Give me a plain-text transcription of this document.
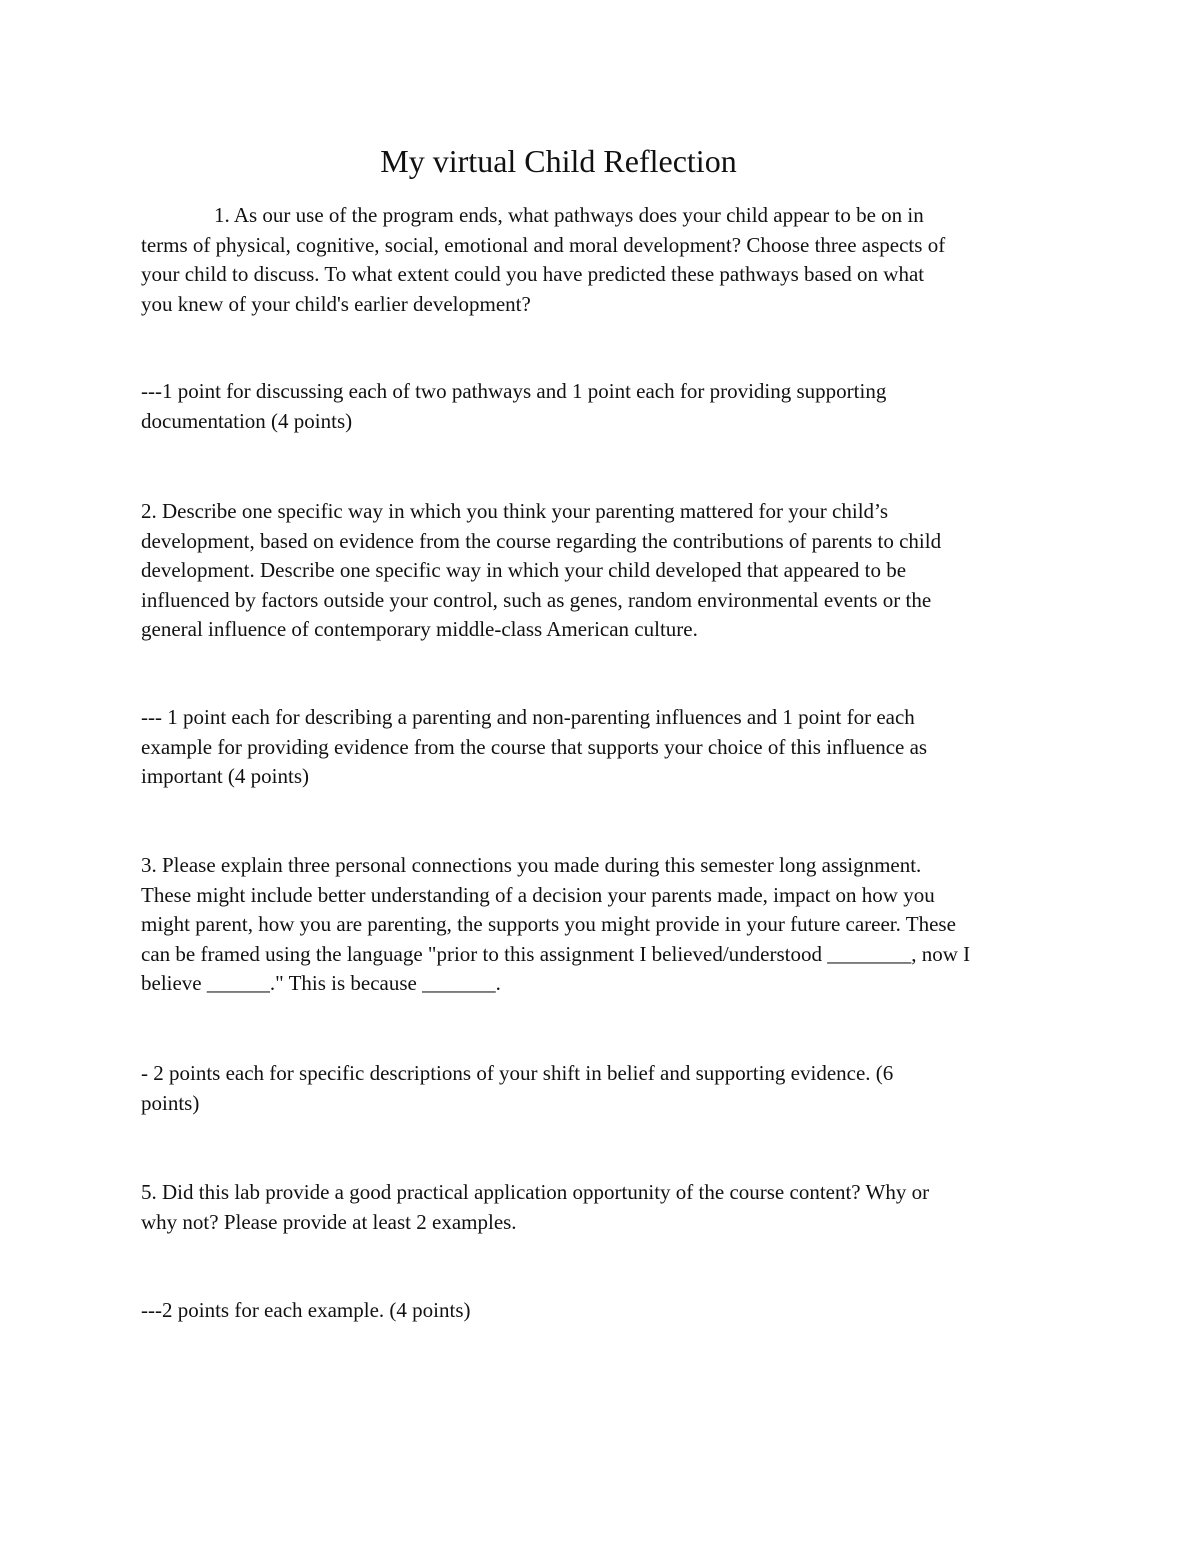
My virtual Child Reflection

1. As our use of the program ends, what pathways does your child appear to be on in
terms of physical, cognitive, social, emotional and moral development? Choose three aspects of
your child to discuss. To what extent could you have predicted these pathways based on what
you knew of your child's earlier development?

---1 point for discussing each of two pathways and 1 point each for providing supporting
documentation (4 points)

2. Describe one specific way in which you think your parenting mattered for your child’s
development, based on evidence from the course regarding the contributions of parents to child
development. Describe one specific way in which your child developed that appeared to be
influenced by factors outside your control, such as genes, random environmental events or the
general influence of contemporary middle-class American culture.

--- 1 point each for describing a parenting and non-parenting influences and 1 point for each
example for providing evidence from the course that supports your choice of this influence as
important (4 points)

3. Please explain three personal connections you made during this semester long assignment.
These might include better understanding of a decision your parents made, impact on how you
might parent, how you are parenting, the supports you might provide in your future career. These
can be framed using the language "prior to this assignment I believed/understood ________, now I
believe ______." This is because _______.

- 2 points each for specific descriptions of your shift in belief and supporting evidence. (6
points)

5. Did this lab provide a good practical application opportunity of the course content? Why or
why not? Please provide at least 2 examples.

---2 points for each example. (4 points)
